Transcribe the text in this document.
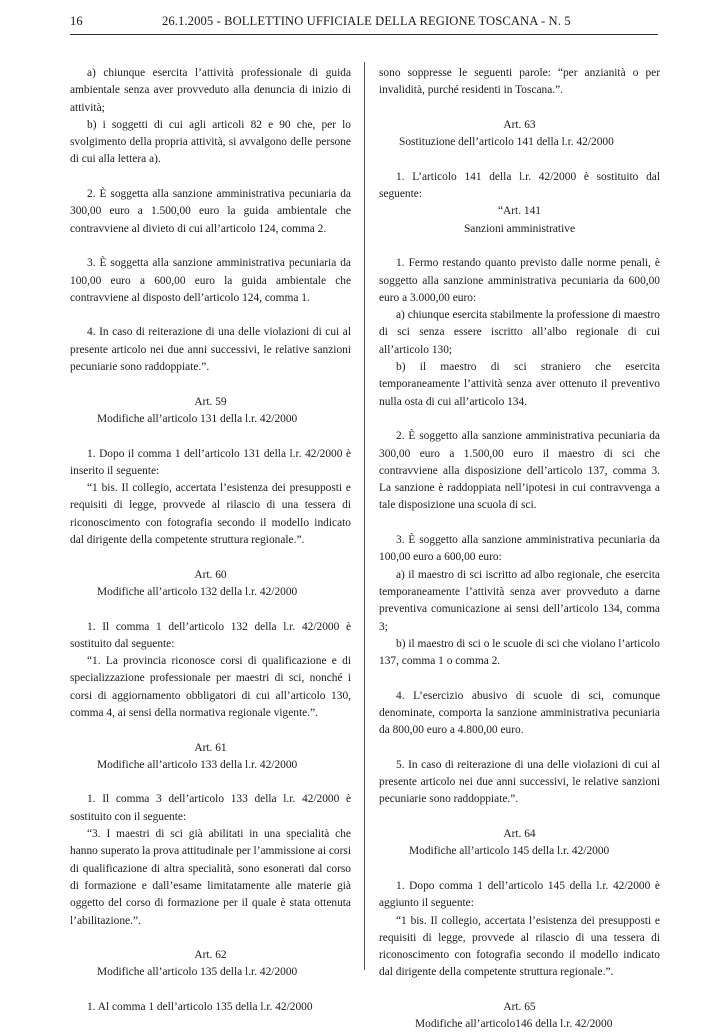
16	26.1.2005 - BOLLETTINO UFFICIALE DELLA REGIONE TOSCANA - N. 5

a) chiunque esercita l’attività professionale di guida ambientale senza aver provveduto alla denuncia di inizio di attività;

b) i soggetti di cui agli articoli 82 e 90 che, per lo svolgimento della propria attività, si avvalgono delle persone di cui alla lettera a).

2. È soggetta alla sanzione amministrativa pecuniaria da 300,00 euro a 1.500,00 euro la guida ambientale che contravviene al divieto di cui all’articolo 124, comma 2.

3. È soggetta alla sanzione amministrativa pecuniaria da 100,00 euro a 600,00 euro la guida ambientale che contravviene al disposto dell’articolo 124, comma 1.

4. In caso di reiterazione di una delle violazioni di cui al presente articolo nei due anni successivi, le relative sanzioni pecuniarie sono raddoppiate.”.

Art. 59

Modifiche all’articolo 131 della l.r. 42/2000

1. Dopo il comma 1 dell’articolo 131 della l.r. 42/2000 è inserito il seguente:

“1 bis. Il collegio, accertata l’esistenza dei presupposti e requisiti di legge, provvede al rilascio di una tessera di riconoscimento con fotografia secondo il modello indicato dal dirigente della competente struttura regionale.”.

Art. 60

Modifiche all’articolo 132 della l.r. 42/2000

1. Il comma 1 dell’articolo 132 della l.r. 42/2000 è sostituito dal seguente:

“1. La provincia riconosce corsi di qualificazione e di specializzazione professionale per maestri di sci, nonché i corsi di aggiornamento obbligatori di cui all’articolo 130, comma 4, ai sensi della normativa regionale vigente.”.

Art. 61

Modifiche all’articolo 133 della l.r. 42/2000

1. Il comma 3 dell’articolo 133 della l.r. 42/2000 è sostituito con il seguente:

“3. I maestri di sci già abilitati in una specialità che hanno superato la prova attitudinale per l’ammissione ai corsi di qualificazione di altra specialità, sono esonerati dal corso di formazione e dall’esame limitatamente alle materie già oggetto del corso di formazione per il quale è stata ottenuta l’abilitazione.”.

Art. 62

Modifiche all’articolo 135 della l.r. 42/2000

1. Al comma 1 dell’articolo 135 della l.r. 42/2000

sono soppresse le seguenti parole: “per anzianità o per invalidità, purché residenti in Toscana.”.

Art. 63

Sostituzione dell’articolo 141 della l.r. 42/2000

1. L’articolo 141 della l.r. 42/2000 è sostituito dal seguente:

“Art. 141

Sanzioni amministrative

1. Fermo restando quanto previsto dalle norme penali, è soggetto alla sanzione amministrativa pecuniaria da 600,00 euro a 3.000,00 euro:

a) chiunque esercita stabilmente la professione di maestro di sci senza essere iscritto all’albo regionale di cui all’articolo 130;

b) il maestro di sci straniero che esercita temporaneamente l’attività senza aver ottenuto il preventivo nulla osta di cui all’articolo 134.

2. È soggetto alla sanzione amministrativa pecuniaria da 300,00 euro a 1.500,00 euro il maestro di sci che contravviene alla disposizione dell’articolo 137, comma 3. La sanzione è raddoppiata nell’ipotesi in cui contravvenga a tale disposizione una scuola di sci.

3. È soggetto alla sanzione amministrativa pecuniaria da 100,00 euro a 600,00 euro:

a) il maestro di sci iscritto ad albo regionale, che esercita temporaneamente l’attività senza aver provveduto a darne preventiva comunicazione ai sensi dell’articolo 134, comma 3;

b) il maestro di sci o le scuole di sci che violano l’articolo 137, comma 1 o comma 2.

4. L’esercizio abusivo di scuole di sci, comunque denominate, comporta la sanzione amministrativa pecuniaria da 800,00 euro a 4.800,00 euro.

5. In caso di reiterazione di una delle violazioni di cui al presente articolo nei due anni successivi, le relative sanzioni pecuniarie sono raddoppiate.”.

Art. 64

Modifiche all’articolo 145 della l.r. 42/2000

1. Dopo comma 1 dell’articolo 145 della l.r. 42/2000 è aggiunto il seguente:

“1 bis. Il collegio, accertata l’esistenza dei presupposti e requisiti di legge, provvede al rilascio di una tessera di riconoscimento con fotografia secondo il modello indicato dal dirigente della competente struttura regionale.”.

Art. 65

Modifiche all’articolo146 della l.r. 42/2000
